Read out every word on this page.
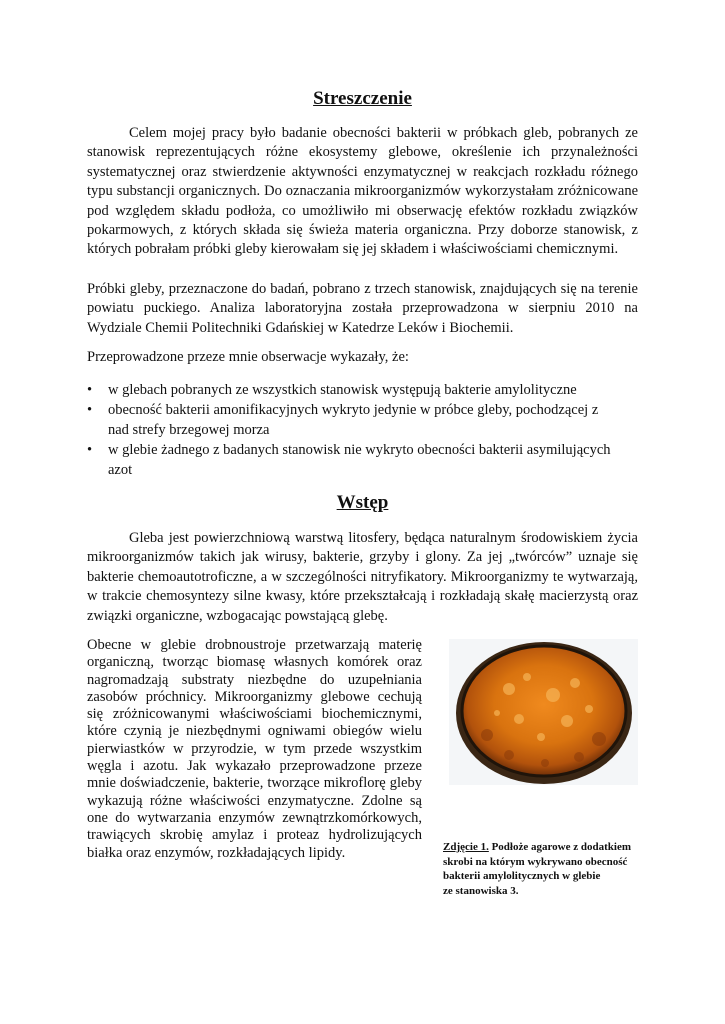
Streszczenie

Celem mojej pracy było badanie obecności bakterii w próbkach gleb, pobranych ze stanowisk reprezentujących różne ekosystemy glebowe, określenie ich przynależności systematycznej oraz stwierdzenie aktywności enzymatycznej w reakcjach rozkładu różnego typu substancji organicznych. Do oznaczania mikroorganizmów wykorzystałam zróżnicowane pod względem składu podłoża, co umożliwiło mi obserwację efektów rozkładu związków pokarmowych, z których składa się świeża materia organiczna. Przy doborze stanowisk, z których pobrałam próbki gleby kierowałam się jej składem i właściwościami chemicznymi.

Próbki gleby, przeznaczone do badań, pobrano z trzech stanowisk, znajdujących się na terenie powiatu puckiego. Analiza laboratoryjna została przeprowadzona w sierpniu 2010 na Wydziale Chemii Politechniki Gdańskiej w Katedrze Leków i Biochemii.

Przeprowadzone przeze mnie obserwacje wykazały, że:

• w glebach pobranych ze wszystkich stanowisk występują bakterie amylolityczne
• obecność bakterii amonifikacyjnych wykryto jedynie w próbce gleby, pochodzącej z nad strefy brzegowej morza
• w glebie żadnego z badanych stanowisk nie wykryto obecności bakterii asymilujących azot
Wstęp

Gleba jest powierzchniową warstwą litosfery, będąca naturalnym środowiskiem życia mikroorganizmów takich jak wirusy, bakterie, grzyby i glony. Za jej „twórców” uznaje się bakterie chemoautotroficzne, a w szczególności nitryfikatory. Mikroorganizmy te wytwarzają, w trakcie chemosyntezy silne kwasy, które przekształcają i rozkładają skałę macierzystą oraz związki organiczne, wzbogacając powstającą glebę.

Obecne w glebie drobnoustroje przetwarzają materię organiczną, tworząc biomasę własnych komórek oraz nagromadzają substraty niezbędne do uzupełniania zasobów próchnicy. Mikroorganizmy glebowe cechują się zróżnicowanymi właściwościami biochemicznymi, które czynią je niezbędnymi ogniwami obiegów wielu pierwiastków w przyrodzie, w tym przede wszystkim węgla i azotu. Jak wykazało przeprowadzone przeze mnie doświadczenie, bakterie, tworzące mikroflorę gleby wykazują różne właściwości enzymatyczne. Zdolne są one do wytwarzania enzymów zewnątrzkomórkowych, trawiących skrobię amylaz i proteaz hydrolizujących białka oraz enzymów, rozkładających lipidy.	Zdjęcie 1. Podłoże agarowe z dodatkiem
skrobi na którym wykrywano obecność
bakterii amylolitycznych w glebie
ze stanowiska 3.
